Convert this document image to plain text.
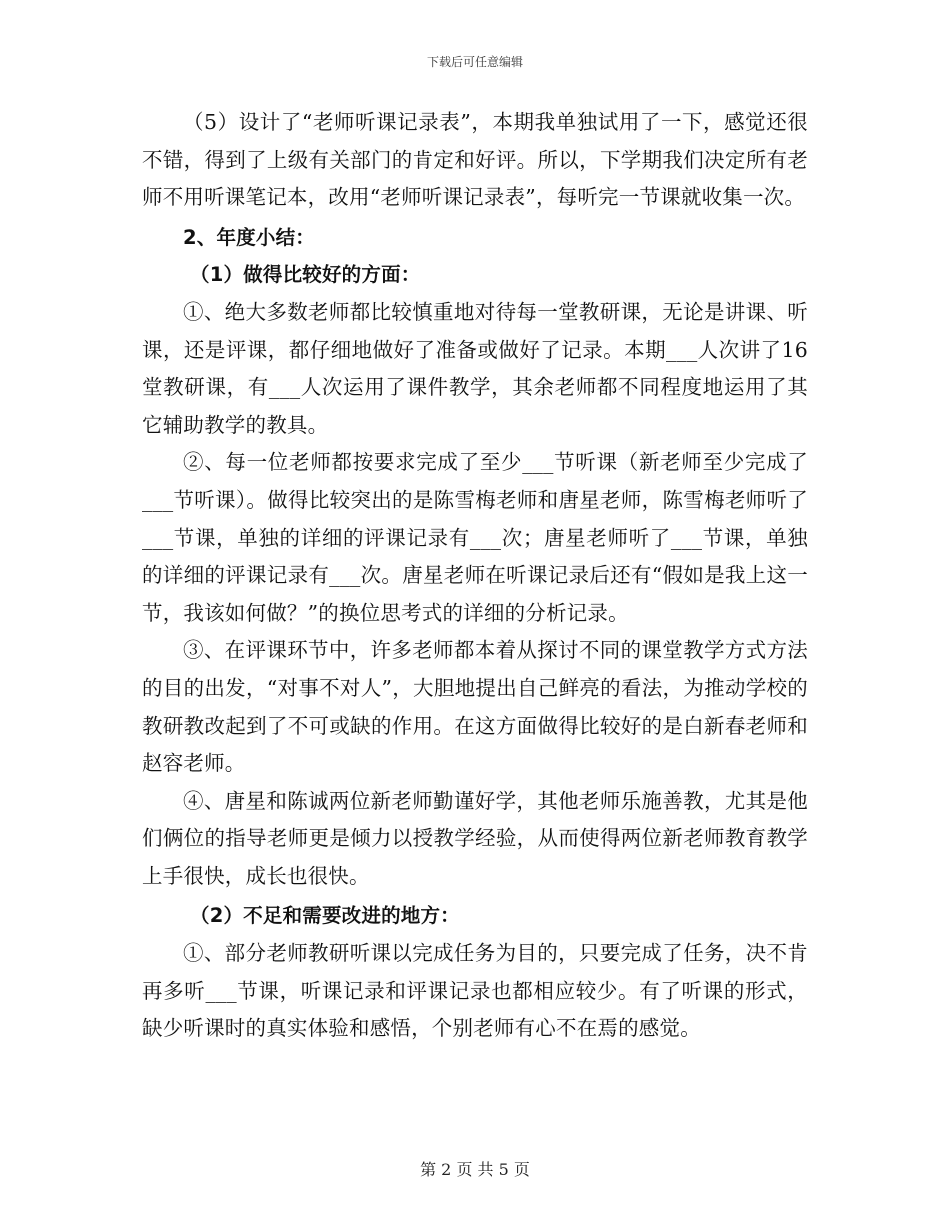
下载后可任意编辑

（5）设计了“老师听课记录表”，本期我单独试用了一下，感觉还很不错，得到了上级有关部门的肯定和好评。所以，下学期我们决定所有老师不用听课笔记本，改用“老师听课记录表”，每听完一节课就收集一次。

2、年度小结：

（1）做得比较好的方面：

①、绝大多数老师都比较慎重地对待每一堂教研课，无论是讲课、听课，还是评课，都仔细地做好了准备或做好了记录。本期___人次讲了16堂教研课，有___人次运用了课件教学，其余老师都不同程度地运用了其它辅助教学的教具。

②、每一位老师都按要求完成了至少___节听课（新老师至少完成了___节听课）。做得比较突出的是陈雪梅老师和唐星老师，陈雪梅老师听了___节课，单独的详细的评课记录有___次；唐星老师听了___节课，单独的详细的评课记录有___次。唐星老师在听课记录后还有“假如是我上这一节，我该如何做？”的换位思考式的详细的分析记录。

③、在评课环节中，许多老师都本着从探讨不同的课堂教学方式方法的目的出发，“对事不对人”，大胆地提出自己鲜亮的看法，为推动学校的教研教改起到了不可或缺的作用。在这方面做得比较好的是白新春老师和赵容老师。

④、唐星和陈诚两位新老师勤谨好学，其他老师乐施善教，尤其是他们俩位的指导老师更是倾力以授教学经验，从而使得两位新老师教育教学上手很快，成长也很快。

（2）不足和需要改进的地方：

①、部分老师教研听课以完成任务为目的，只要完成了任务，决不肯再多听___节课，听课记录和评课记录也都相应较少。有了听课的形式，缺少听课时的真实体验和感悟，个别老师有心不在焉的感觉。

第 2 页 共 5 页
